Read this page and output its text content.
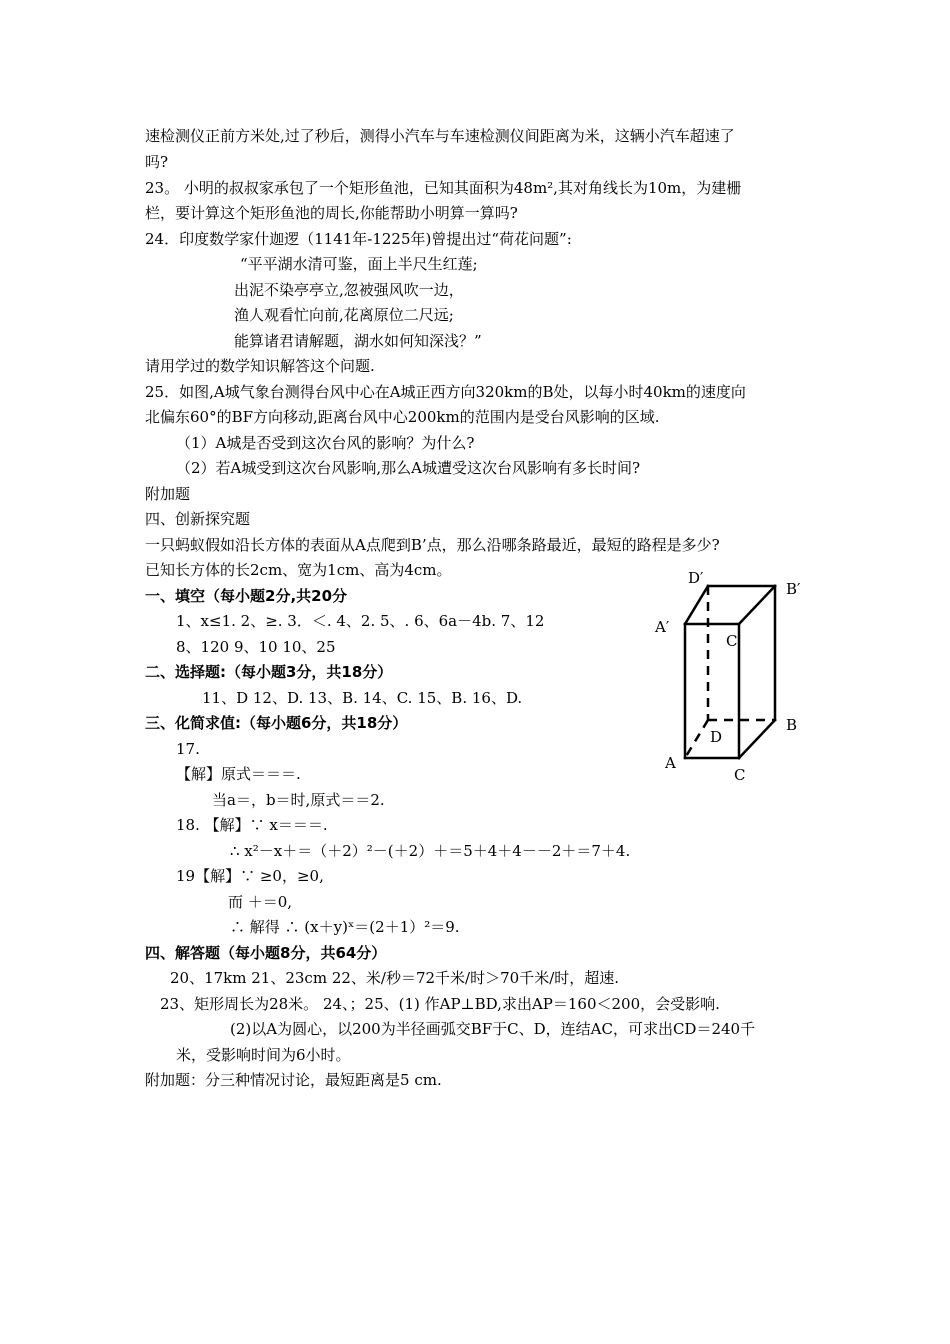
速检测仪正前方米处,过了秒后，测得小汽车与车速检测仪间距离为米，这辆小汽车超速了
吗?
23。 小明的叔叔家承包了一个矩形鱼池，已知其面积为48m²,其对角线长为10m，为建栅
栏，要计算这个矩形鱼池的周长,你能帮助小明算一算吗?
24．印度数学家什迦逻（1141年-1225年)曾提出过“荷花问题”:
“平平湖水清可鉴，面上半尺生红莲;
出泥不染亭亭立,忽被强风吹一边，
渔人观看忙向前,花离原位二尺远;
能算诸君请解题，湖水如何知深浅？”
请用学过的数学知识解答这个问题.
25．如图,A城气象台测得台风中心在A城正西方向320km的B处，以每小时40km的速度向
北偏东60°的BF方向移动,距离台风中心200km的范围内是受台风影响的区域.
（1）A城是否受到这次台风的影响？为什么?
（2）若A城受到这次台风影响,那么A城遭受这次台风影响有多长时间?
附加题
四、创新探究题
一只蚂蚁假如沿长方体的表面从A点爬到B’点，那么沿哪条路最近，最短的路程是多少?
已知长方体的长2cm、宽为1cm、高为4cm。
一、填空（每小题2分,共20分
1、x≤1. 2、≥. 3．＜. 4、2. 5、. 6、6a－4b. 7、12
8、120 9、10 10、25
二、选择题:（每小题3分，共18分）
11、D 12、D. 13、B. 14、C. 15、B. 16、D.
三、化简求值:（每小题6分，共18分）
17.
【解】原式＝＝＝.
当a＝，b＝时,原式＝＝2.
18. 【解】∵ x＝＝＝.
∴ x²－x＋＝（＋2）²－(＋2）＋＝5＋4＋4－－2＋＝7＋4.
19【解】∵ ≥0，≥0,
而 ＋＝0,
∴ 解得 ∴ (x＋y)ˣ＝(2＋1）²＝9.
四、解答题（每小题8分，共64分）
20、17km 21、23cm 22、米/秒＝72千米/时＞70千米/时，超速.
23、矩形周长为28米。 24、；25、(1) 作AP⊥BD,求出AP＝160＜200，会受影响.
(2)以A为圆心，以200为半径画弧交BF于C、D，连结AC，可求出CD＝240千
米，受影响时间为6小时。
附加题：分三种情况讨论，最短距离是5 cm.
D′
B′
A′
C′
B
D
A
C
